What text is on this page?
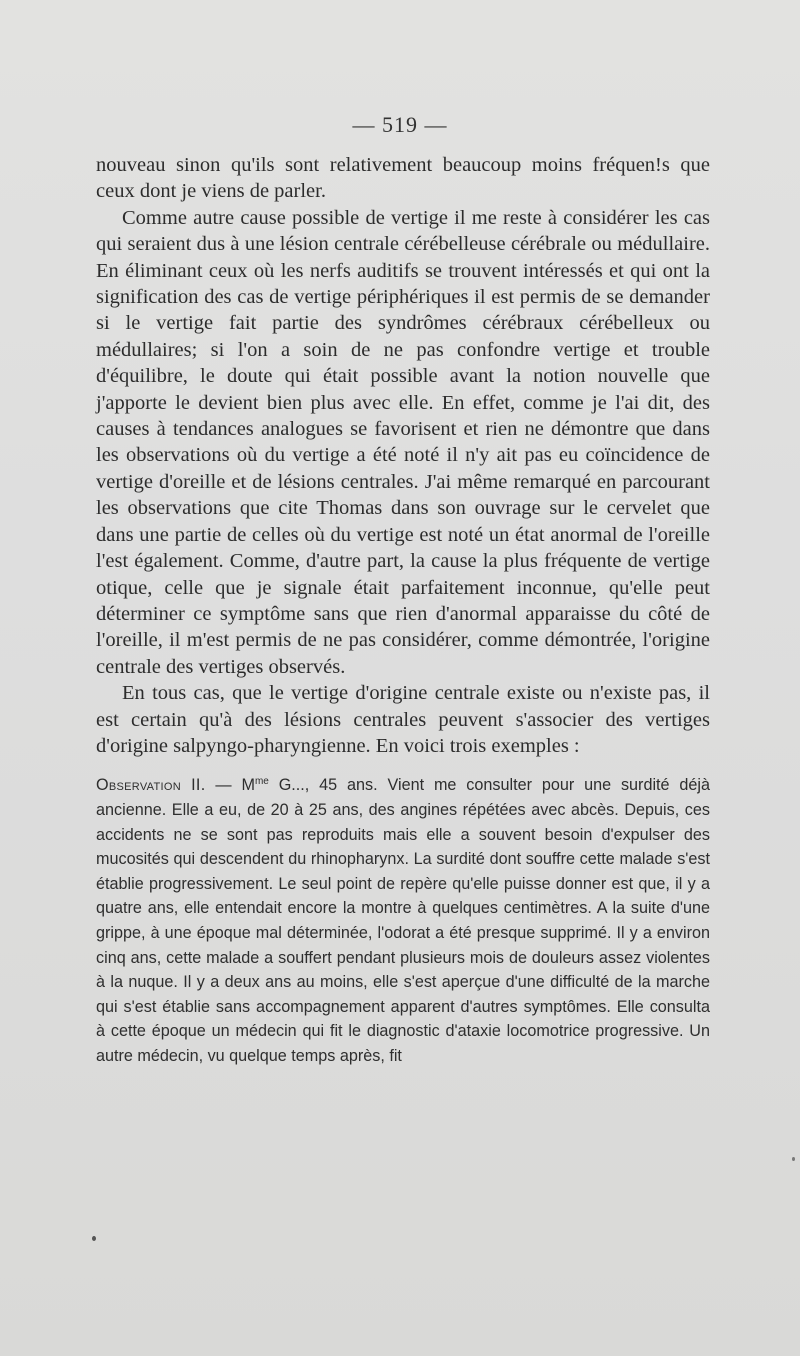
— 519 —

nouveau sinon qu'ils sont relativement beaucoup moins fréquen!s que ceux dont je viens de parler.

Comme autre cause possible de vertige il me reste à considérer les cas qui seraient dus à une lésion centrale cérébelleuse cérébrale ou médullaire. En éliminant ceux où les nerfs auditifs se trouvent intéressés et qui ont la signification des cas de vertige périphériques il est permis de se demander si le vertige fait partie des syndrômes cérébraux cérébelleux ou médullaires; si l'on a soin de ne pas confondre vertige et trouble d'équilibre, le doute qui était possible avant la notion nouvelle que j'apporte le devient bien plus avec elle. En effet, comme je l'ai dit, des causes à tendances analogues se favorisent et rien ne démontre que dans les observations où du vertige a été noté il n'y ait pas eu coïncidence de vertige d'oreille et de lésions centrales. J'ai même remarqué en parcourant les observations que cite Thomas dans son ouvrage sur le cervelet que dans une partie de celles où du vertige est noté un état anormal de l'oreille l'est également. Comme, d'autre part, la cause la plus fréquente de vertige otique, celle que je signale était parfaitement inconnue, qu'elle peut déterminer ce symptôme sans que rien d'anormal apparaisse du côté de l'oreille, il m'est permis de ne pas considérer, comme démontrée, l'origine centrale des vertiges observés.

En tous cas, que le vertige d'origine centrale existe ou n'existe pas, il est certain qu'à des lésions centrales peuvent s'associer des vertiges d'origine salpyngo-pharyngienne. En voici trois exemples :

Observation II. — $M^{me}$ G..., 45 ans. Vient me consulter pour une surdité déjà ancienne. Elle a eu, de 20 à 25 ans, des angines répétées avec abcès. Depuis, ces accidents ne se sont pas reproduits mais elle a souvent besoin d'expulser des mucosités qui descendent du rhinopharynx. La surdité dont souffre cette malade s'est établie progressivement. Le seul point de repère qu'elle puisse donner est que, il y a quatre ans, elle entendait encore la montre à quelques centimètres. A la suite d'une grippe, à une époque mal déterminée, l'odorat a été presque supprimé. Il y a environ cinq ans, cette malade a souffert pendant plusieurs mois de douleurs assez violentes à la nuque. Il y a deux ans au moins, elle s'est aperçue d'une difficulté de la marche qui s'est établie sans accompagnement apparent d'autres symptômes. Elle consulta à cette époque un médecin qui fit le diagnostic d'ataxie locomotrice progressive. Un autre médecin, vu quelque temps après, fit
